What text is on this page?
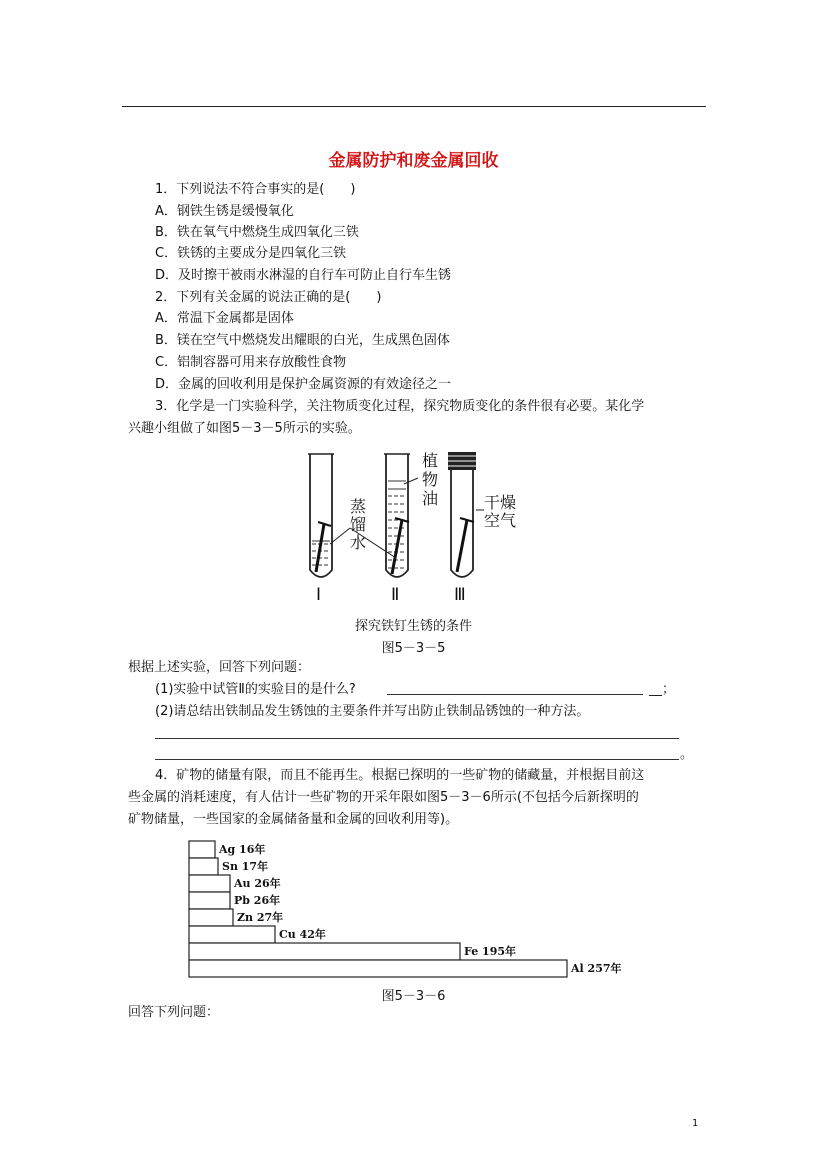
金属防护和废金属回收
1．下列说法不符合事实的是(　　)
A．钢铁生锈是缓慢氧化
B．铁在氧气中燃烧生成四氧化三铁
C．铁锈的主要成分是四氧化三铁
D．及时擦干被雨水淋湿的自行车可防止自行车生锈
2．下列有关金属的说法正确的是(　　)
A．常温下金属都是固体
B．镁在空气中燃烧发出耀眼的白光，生成黑色固体
C．铝制容器可用来存放酸性食物
D．金属的回收利用是保护金属资源的有效途径之一
3．化学是一门实验科学，关注物质变化过程，探究物质变化的条件很有必要。某化学
兴趣小组做了如图5－3－5所示的实验。
蒸
馏
水
植
物
油	干燥
空气
Ⅰ	Ⅱ	Ⅲ
探究铁钉生锈的条件
图5－3－5
根据上述实验，回答下列问题：
(1)实验中试管Ⅱ的实验目的是什么?	__；
(2)请总结出铁制品发生锈蚀的主要条件并写出防止铁制品锈蚀的一种方法。
。
4．矿物的储量有限，而且不能再生。根据已探明的一些矿物的储藏量，并根据目前这
些金属的消耗速度，有人估计一些矿物的开采年限如图5－3－6所示(不包括今后新探明的
矿物储量，一些国家的金属储备量和金属的回收利用等)。
Ag 16年
Sn 17年
Au 26年
Pb 26年
Zn 27年
Cu 42年
Fe 195年
Al 257年
图5－3－6
回答下列问题：
1
